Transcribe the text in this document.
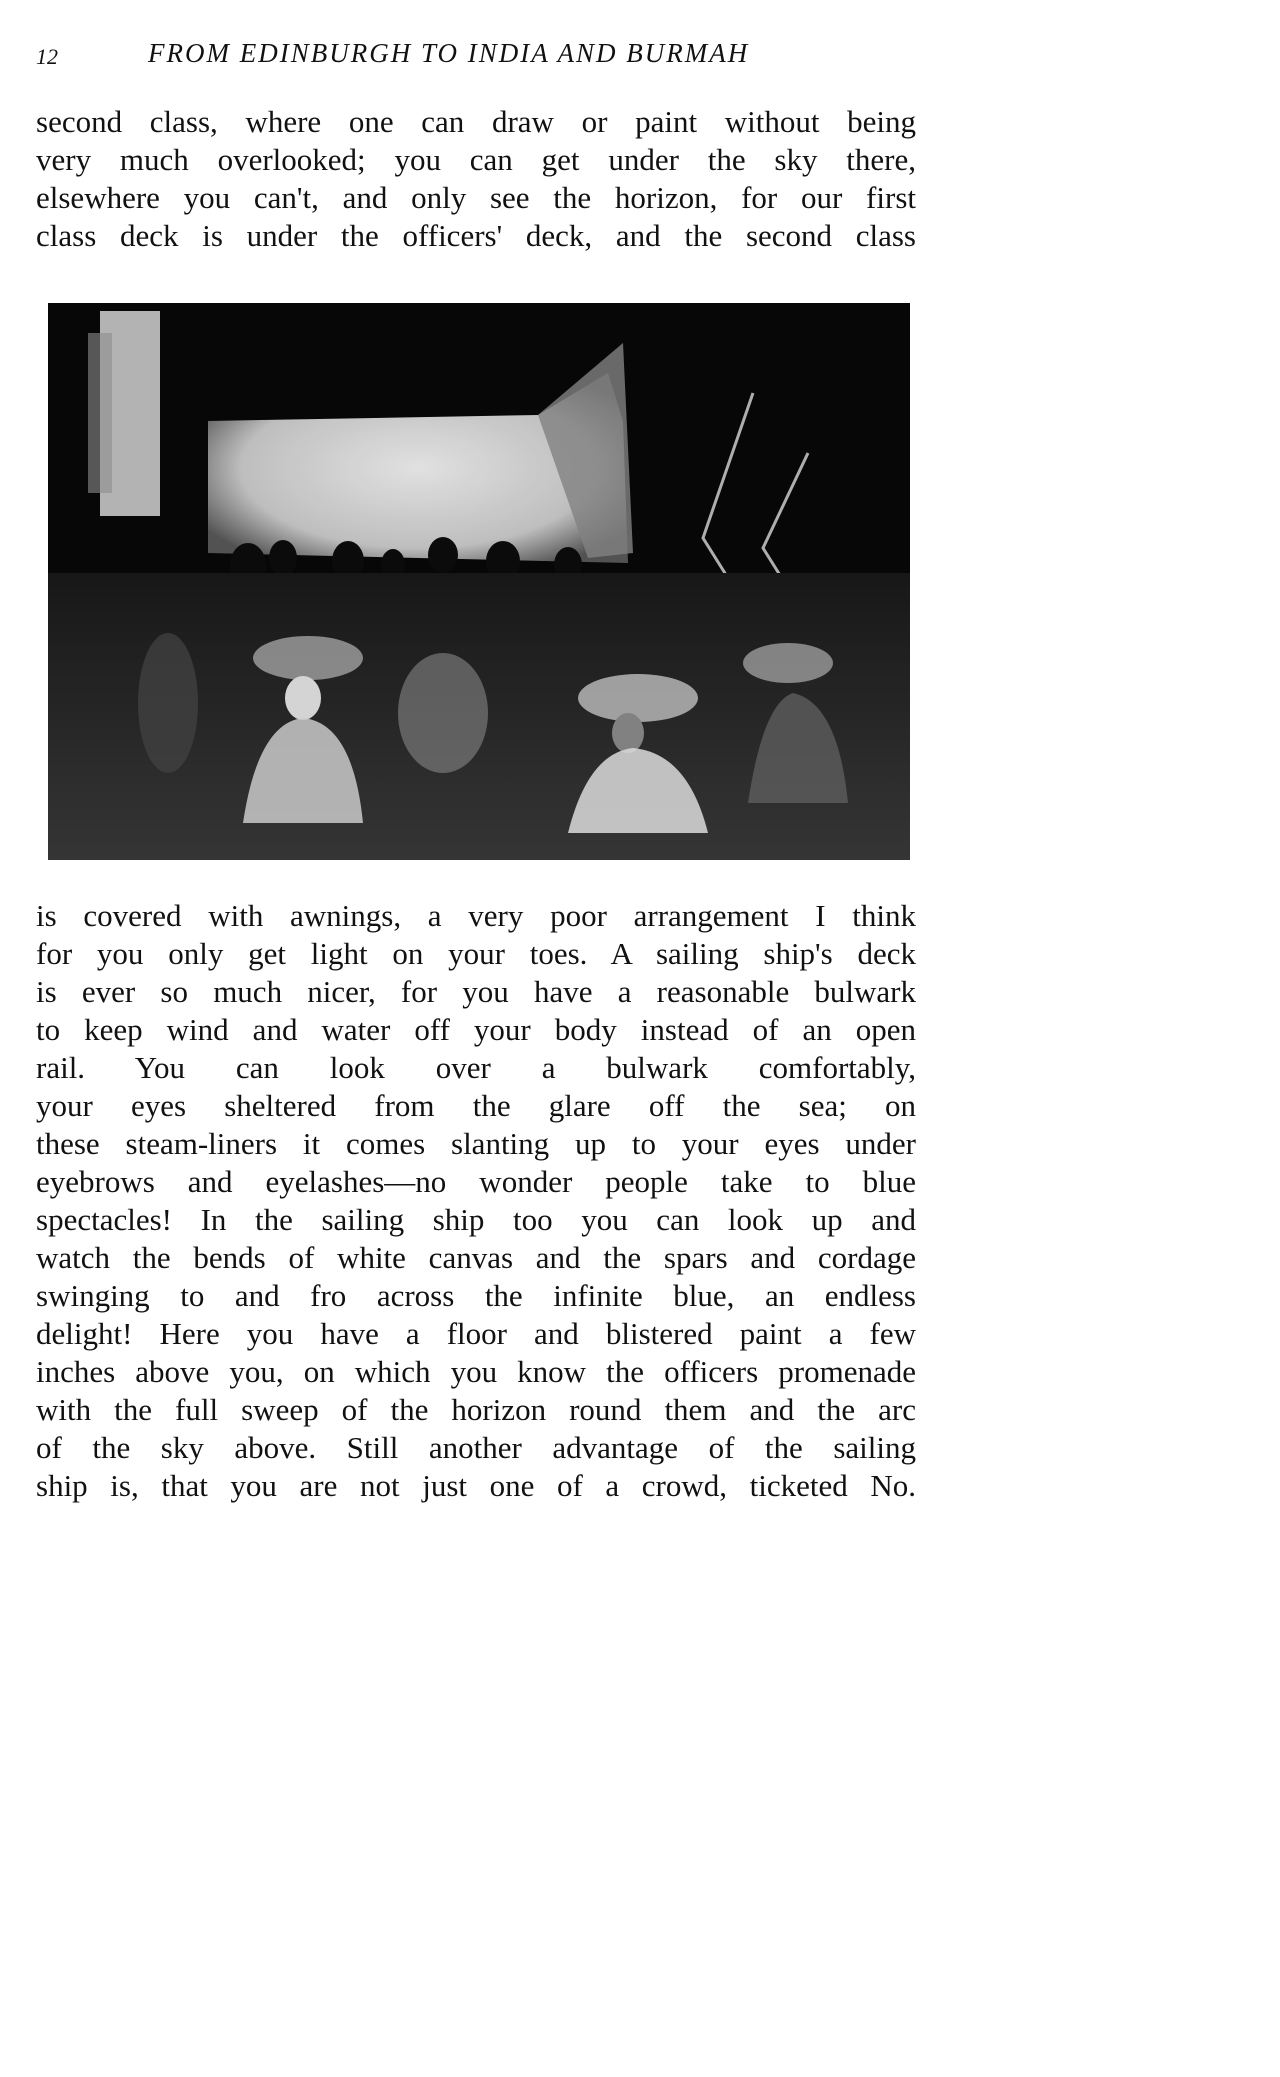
12	FROM EDINBURGH TO INDIA AND BURMAH
second class, where one can draw or paint without being
very much overlooked; you can get under the sky there,
elsewhere you can't, and only see the horizon, for our first
class deck is under the officers' deck, and the second class
is covered with awnings, a very poor arrangement I think
for you only get light on your toes. A sailing ship's deck
is ever so much nicer, for you have a reasonable bulwark
to keep wind and water off your body instead of an open
rail. You can look over a bulwark comfortably,
your eyes sheltered from the glare off the sea; on
these steam-liners it comes slanting up to your eyes under
eyebrows and eyelashes—no wonder people take to blue
spectacles! In the sailing ship too you can look up and
watch the bends of white canvas and the spars and cordage
swinging to and fro across the infinite blue, an endless
delight! Here you have a floor and blistered paint a few
inches above you, on which you know the officers promenade
with the full sweep of the horizon round them and the arc
of the sky above. Still another advantage of the sailing
ship is, that you are not just one of a crowd, ticketed No.
